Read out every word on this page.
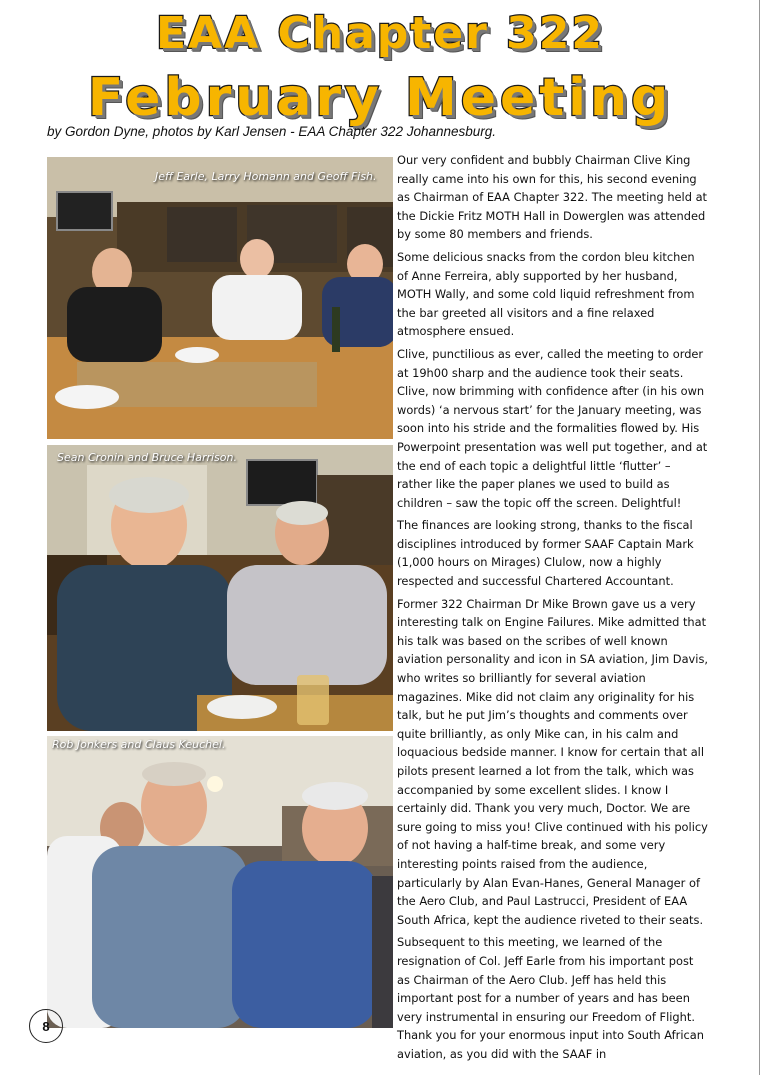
EAA Chapter 322
February Meeting
by Gordon Dyne, photos by Karl Jensen - EAA Chapter 322 Johannesburg.
Jeff Earle, Larry Homann and Geoff Fish.
Sean Cronin and Bruce Harrison.
Rob Jonkers and Claus Keuchel.

Our very confident and bubbly Chairman Clive King really came into his own for this, his second evening as Chairman of EAA Chapter 322. The meeting held at the Dickie Fritz MOTH Hall in Dowerglen was attended by some 80 members and friends.

Some delicious snacks from the cordon bleu kitchen of Anne Ferreira, ably supported by her husband, MOTH Wally, and some cold liquid refreshment from the bar greeted all visitors and a fine relaxed atmosphere ensued.

Clive, punctilious as ever, called the meeting to order at 19h00 sharp and the audience took their seats. Clive, now brimming with confidence after (in his own words) ‘a nervous start’ for the January meeting, was soon into his stride and the formalities flowed by. His Powerpoint presentation was well put together, and at the end of each topic a delightful little ‘flutter’ – rather like the paper planes we used to build as children – saw the topic off the screen. Delightful!

The finances are looking strong, thanks to the fiscal disciplines introduced by former SAAF Captain Mark (1,000 hours on Mirages) Clulow, now a highly respected and successful Chartered Accountant.

Former 322 Chairman Dr Mike Brown gave us a very interesting talk on Engine Failures. Mike admitted that his talk was based on the scribes of well known aviation personality and icon in SA aviation, Jim Davis, who writes so brilliantly for several aviation magazines. Mike did not claim any originality for his talk, but he put Jim’s thoughts and comments over quite brilliantly, as only Mike can, in his calm and loquacious bedside manner. I know for certain that all pilots present learned a lot from the talk, which was accompanied by some excellent slides. I know I certainly did. Thank you very much, Doctor. We are sure going to miss you! Clive continued with his policy of not having a half-time break, and some very interesting points raised from the audience, particularly by Alan Evan-Hanes, General Manager of the Aero Club, and Paul Lastrucci, President of EAA South Africa, kept the audience riveted to their seats.

Subsequent to this meeting, we learned of the resignation of Col. Jeff Earle from his important post as Chairman of the Aero Club. Jeff has held this important post for a number of years and has been very instrumental in ensuring our Freedom of Flight. Thank you for your enormous input into South African aviation, as you did with the SAAF in

8
